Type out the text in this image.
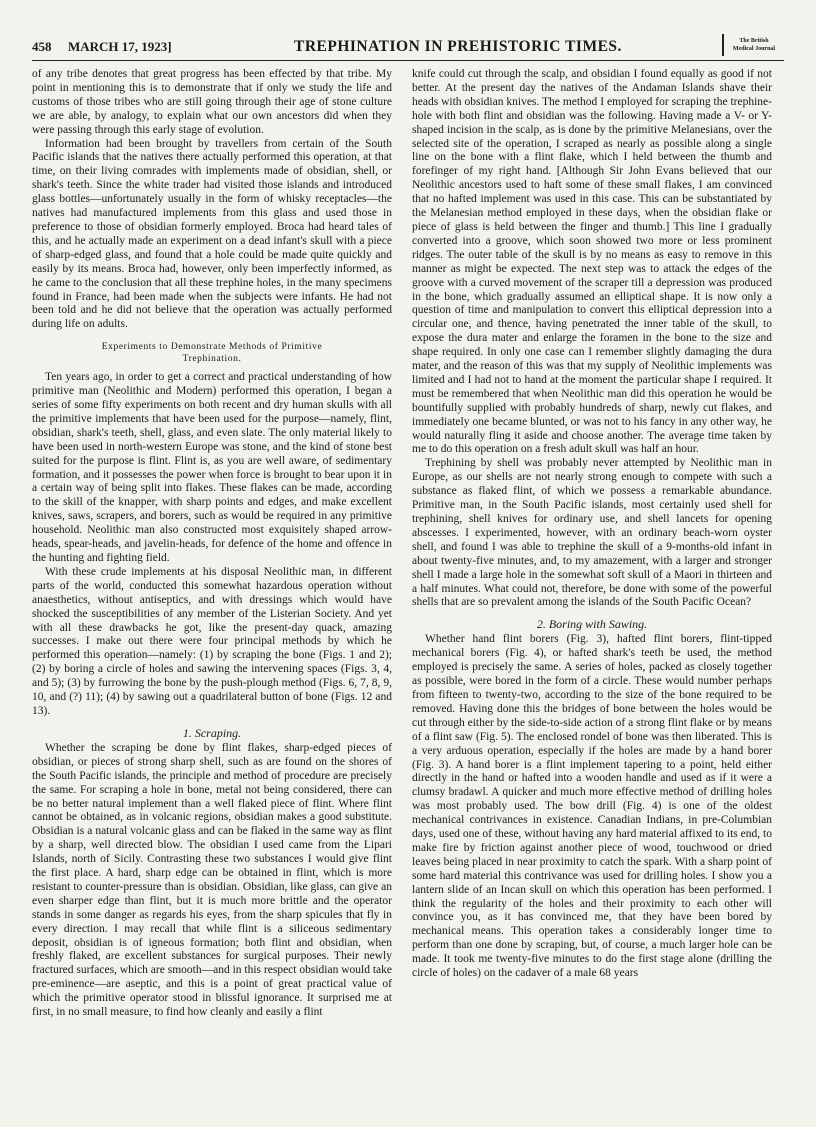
458 MARCH 17, 1923]	TREPHINATION IN PREHISTORIC TIMES.	The British
Medical Journal

of any tribe denotes that great progress has been effected by that tribe. My point in mentioning this is to demonstrate that if only we study the life and customs of those tribes who are still going through their age of stone culture we are able, by analogy, to explain what our own ancestors did when they were passing through this early stage of evolution.

Information had been brought by travellers from certain of the South Pacific islands that the natives there actually performed this operation, at that time, on their living comrades with implements made of obsidian, shell, or shark's teeth. Since the white trader had visited those islands and introduced glass bottles—unfortunately usually in the form of whisky receptacles—the natives had manufactured implements from this glass and used those in preference to those of obsidian formerly employed. Broca had heard tales of this, and he actually made an experiment on a dead infant's skull with a piece of sharp-edged glass, and found that a hole could be made quite quickly and easily by its means. Broca had, however, only been imperfectly informed, as he came to the conclusion that all these trephine holes, in the many specimens found in France, had been made when the subjects were infants. He had not been told and he did not believe that the operation was actually performed during life on adults.

Experiments to Demonstrate Methods of Primitive
Trephination.

Ten years ago, in order to get a correct and practical understanding of how primitive man (Neolithic and Modern) performed this operation, I began a series of some fifty experiments on both recent and dry human skulls with all the primitive implements that have been used for the purpose—namely, flint, obsidian, shark's teeth, shell, glass, and even slate. The only material likely to have been used in north-western Europe was stone, and the kind of stone best suited for the purpose is flint. Flint is, as you are well aware, of sedimentary formation, and it possesses the power when force is brought to bear upon it in a certain way of being split into flakes. These flakes can be made, according to the skill of the knapper, with sharp points and edges, and make excellent knives, saws, scrapers, and borers, such as would be required in any primitive household. Neolithic man also constructed most exquisitely shaped arrow-heads, spear-heads, and javelin-heads, for defence of the home and offence in the hunting and fighting field.

With these crude implements at his disposal Neolithic man, in different parts of the world, conducted this somewhat hazardous operation without anaesthetics, without antiseptics, and with dressings which would have shocked the susceptibilities of any member of the Listerian Society. And yet with all these drawbacks he got, like the present-day quack, amazing successes. I make out there were four principal methods by which he performed this operation—namely: (1) by scraping the bone (Figs. 1 and 2); (2) by boring a circle of holes and sawing the intervening spaces (Figs. 3, 4, and 5); (3) by furrowing the bone by the push-plough method (Figs. 6, 7, 8, 9, 10, and (?) 11); (4) by sawing out a quadrilateral button of bone (Figs. 12 and 13).

1. Scraping.

Whether the scraping be done by flint flakes, sharp-edged pieces of obsidian, or pieces of strong sharp shell, such as are found on the shores of the South Pacific islands, the principle and method of procedure are precisely the same. For scraping a hole in bone, metal not being considered, there can be no better natural implement than a well flaked piece of flint. Where flint cannot be obtained, as in volcanic regions, obsidian makes a good substitute. Obsidian is a natural volcanic glass and can be flaked in the same way as flint by a sharp, well directed blow. The obsidian I used came from the Lipari Islands, north of Sicily. Contrasting these two substances I would give flint the first place. A hard, sharp edge can be obtained in flint, which is more resistant to counter-pressure than is obsidian. Obsidian, like glass, can give an even sharper edge than flint, but it is much more brittle and the operator stands in some danger as regards his eyes, from the sharp spicules that fly in every direction. I may recall that while flint is a siliceous sedimentary deposit, obsidian is of igneous formation; both flint and obsidian, when freshly flaked, are excellent substances for surgical purposes. Their newly fractured surfaces, which are smooth—and in this respect obsidian would take pre-eminence—are aseptic, and this is a point of great practical value of which the primitive operator stood in blissful ignorance. It surprised me at first, in no small measure, to find how cleanly and easily a flint

knife could cut through the scalp, and obsidian I found equally as good if not better. At the present day the natives of the Andaman Islands shave their heads with obsidian knives. The method I employed for scraping the trephine-hole with both flint and obsidian was the following. Having made a V- or Y-shaped incision in the scalp, as is done by the primitive Melanesians, over the selected site of the operation, I scraped as nearly as possible along a single line on the bone with a flint flake, which I held between the thumb and forefinger of my right hand. [Although Sir John Evans believed that our Neolithic ancestors used to haft some of these small flakes, I am convinced that no hafted implement was used in this case. This can be substantiated by the Melanesian method employed in these days, when the obsidian flake or piece of glass is held between the finger and thumb.] This line I gradually converted into a groove, which soon showed two more or less prominent ridges. The outer table of the skull is by no means as easy to remove in this manner as might be expected. The next step was to attack the edges of the groove with a curved movement of the scraper till a depression was produced in the bone, which gradually assumed an elliptical shape. It is now only a question of time and manipulation to convert this elliptical depression into a circular one, and thence, having penetrated the inner table of the skull, to expose the dura mater and enlarge the foramen in the bone to the size and shape required. In only one case can I remember slightly damaging the dura mater, and the reason of this was that my supply of Neolithic implements was limited and I had not to hand at the moment the particular shape I required. It must be remembered that when Neolithic man did this operation he would be bountifully supplied with probably hundreds of sharp, newly cut flakes, and immediately one became blunted, or was not to his fancy in any other way, he would naturally fling it aside and choose another. The average time taken by me to do this operation on a fresh adult skull was half an hour.

Trephining by shell was probably never attempted by Neolithic man in Europe, as our shells are not nearly strong enough to compete with such a substance as flaked flint, of which we possess a remarkable abundance. Primitive man, in the South Pacific islands, most certainly used shell for trephining, shell knives for ordinary use, and shell lancets for opening abscesses. I experimented, however, with an ordinary beach-worn oyster shell, and found I was able to trephine the skull of a 9-months-old infant in about twenty-five minutes, and, to my amazement, with a larger and stronger shell I made a large hole in the somewhat soft skull of a Maori in thirteen and a half minutes. What could not, therefore, be done with some of the powerful shells that are so prevalent among the islands of the South Pacific Ocean?

2. Boring with Sawing.

Whether hand flint borers (Fig. 3), hafted flint borers, flint-tipped mechanical borers (Fig. 4), or hafted shark's teeth be used, the method employed is precisely the same. A series of holes, packed as closely together as possible, were bored in the form of a circle. These would number perhaps from fifteen to twenty-two, according to the size of the bone required to be removed. Having done this the bridges of bone between the holes would be cut through either by the side-to-side action of a strong flint flake or by means of a flint saw (Fig. 5). The enclosed rondel of bone was then liberated. This is a very arduous operation, especially if the holes are made by a hand borer (Fig. 3). A hand borer is a flint implement tapering to a point, held either directly in the hand or hafted into a wooden handle and used as if it were a clumsy bradawl. A quicker and much more effective method of drilling holes was most probably used. The bow drill (Fig. 4) is one of the oldest mechanical contrivances in existence. Canadian Indians, in pre-Columbian days, used one of these, without having any hard material affixed to its end, to make fire by friction against another piece of wood, touchwood or dried leaves being placed in near proximity to catch the spark. With a sharp point of some hard material this contrivance was used for drilling holes. I show you a lantern slide of an Incan skull on which this operation has been performed. I think the regularity of the holes and their proximity to each other will convince you, as it has convinced me, that they have been bored by mechanical means. This operation takes a considerably longer time to perform than one done by scraping, but, of course, a much larger hole can be made. It took me twenty-five minutes to do the first stage alone (drilling the circle of holes) on the cadaver of a male 68 years
